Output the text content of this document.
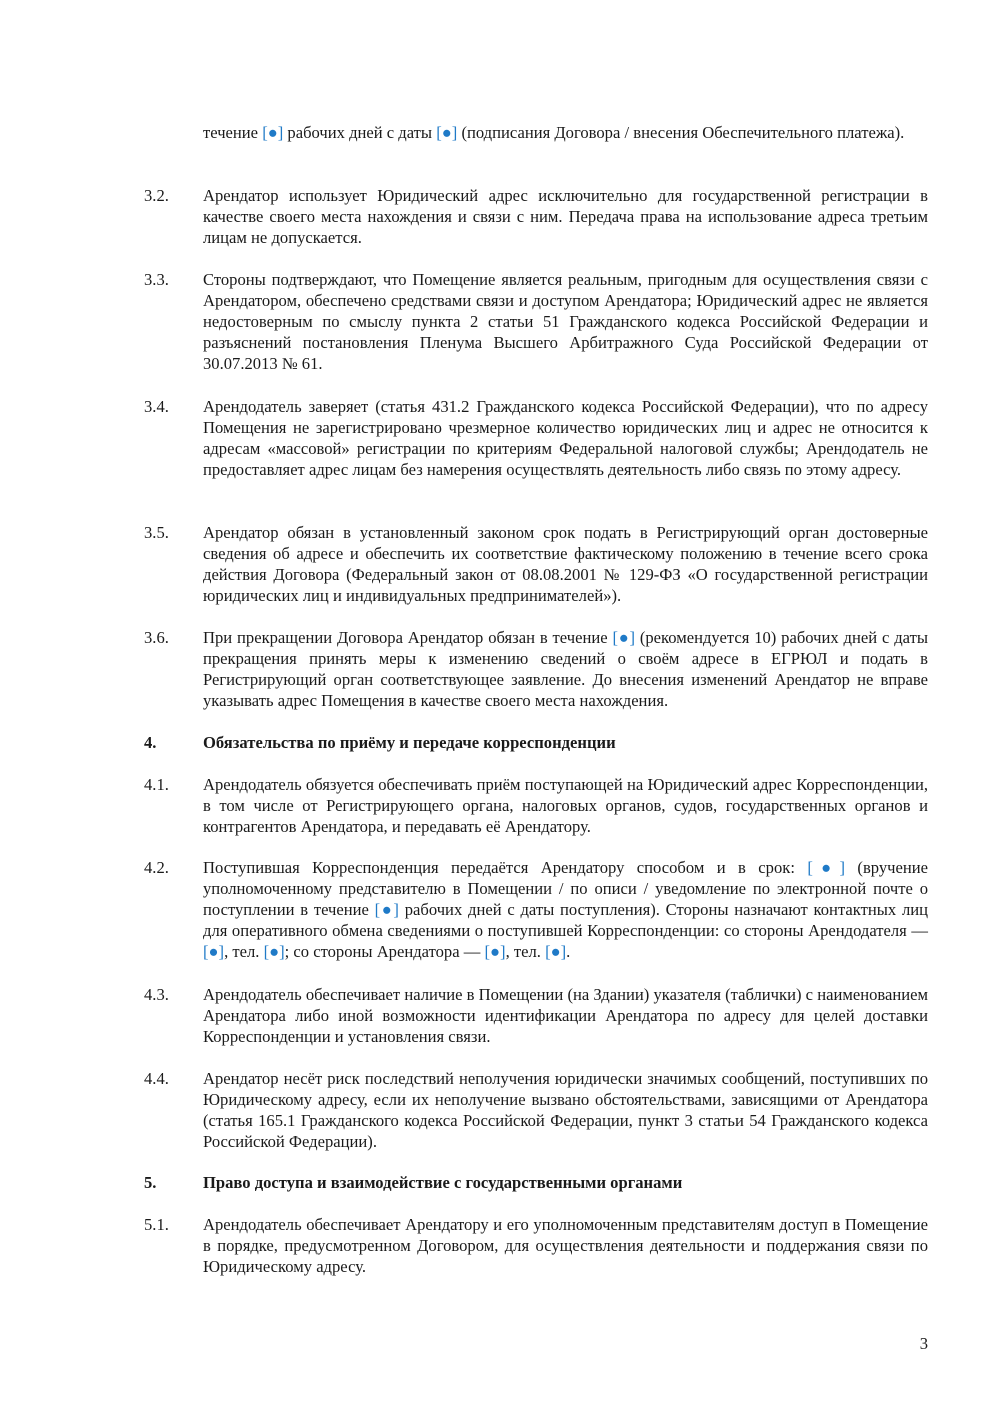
течение [●] рабочих дней с даты [●] (подписания Договора / внесения Обеспечительного платежа).
3.2.	Арендатор использует Юридический адрес исключительно для государственной регистрации в качестве своего места нахождения и связи с ним. Передача права на использование адреса третьим лицам не допускается.
3.3.	Стороны подтверждают, что Помещение является реальным, пригодным для осуществления связи с Арендатором, обеспечено средствами связи и доступом Арендатора; Юридический адрес не является недостоверным по смыслу пункта 2 статьи 51 Гражданского кодекса Российской Федерации и разъяснений постановления Пленума Высшего Арбитражного Суда Российской Федерации от 30.07.2013 № 61.
3.4.	Арендодатель заверяет (статья 431.2 Гражданского кодекса Российской Федерации), что по адресу Помещения не зарегистрировано чрезмерное количество юридических лиц и адрес не относится к адресам «массовой» регистрации по критериям Федеральной налоговой службы; Арендодатель не предоставляет адрес лицам без намерения осуществлять деятельность либо связь по этому адресу.
3.5.	Арендатор обязан в установленный законом срок подать в Регистрирующий орган достоверные сведения об адресе и обеспечить их соответствие фактическому положению в течение всего срока действия Договора (Федеральный закон от 08.08.2001 № 129-ФЗ «О государственной регистрации юридических лиц и индивидуальных предпринимателей»).
3.6.	При прекращении Договора Арендатор обязан в течение [●] (рекомендуется 10) рабочих дней с даты прекращения принять меры к изменению сведений о своём адресе в ЕГРЮЛ и подать в Регистрирующий орган соответствующее заявление. До внесения изменений Арендатор не вправе указывать адрес Помещения в качестве своего места нахождения.
4.	Обязательства по приёму и передаче корреспонденции
4.1.	Арендодатель обязуется обеспечивать приём поступающей на Юридический адрес Корреспонденции, в том числе от Регистрирующего органа, налоговых органов, судов, государственных органов и контрагентов Арендатора, и передавать её Арендатору.
4.2.	Поступившая Корреспонденция передаётся Арендатору способом и в срок: [●] (вручение уполномоченному представителю в Помещении / по описи / уведомление по электронной почте о поступлении в течение [●] рабочих дней с даты поступления). Стороны назначают контактных лиц для оперативного обмена сведениями о поступившей Корреспонденции: со стороны Арендодателя — [●], тел. [●]; со стороны Арендатора — [●], тел. [●].
4.3.	Арендодатель обеспечивает наличие в Помещении (на Здании) указателя (таблички) с наименованием Арендатора либо иной возможности идентификации Арендатора по адресу для целей доставки Корреспонденции и установления связи.
4.4.	Арендатор несёт риск последствий неполучения юридически значимых сообщений, поступивших по Юридическому адресу, если их неполучение вызвано обстоятельствами, зависящими от Арендатора (статья 165.1 Гражданского кодекса Российской Федерации, пункт 3 статьи 54 Гражданского кодекса Российской Федерации).
5.	Право доступа и взаимодействие с государственными органами
5.1.	Арендодатель обеспечивает Арендатору и его уполномоченным представителям доступ в Помещение в порядке, предусмотренном Договором, для осуществления деятельности и поддержания связи по Юридическому адресу.
3
